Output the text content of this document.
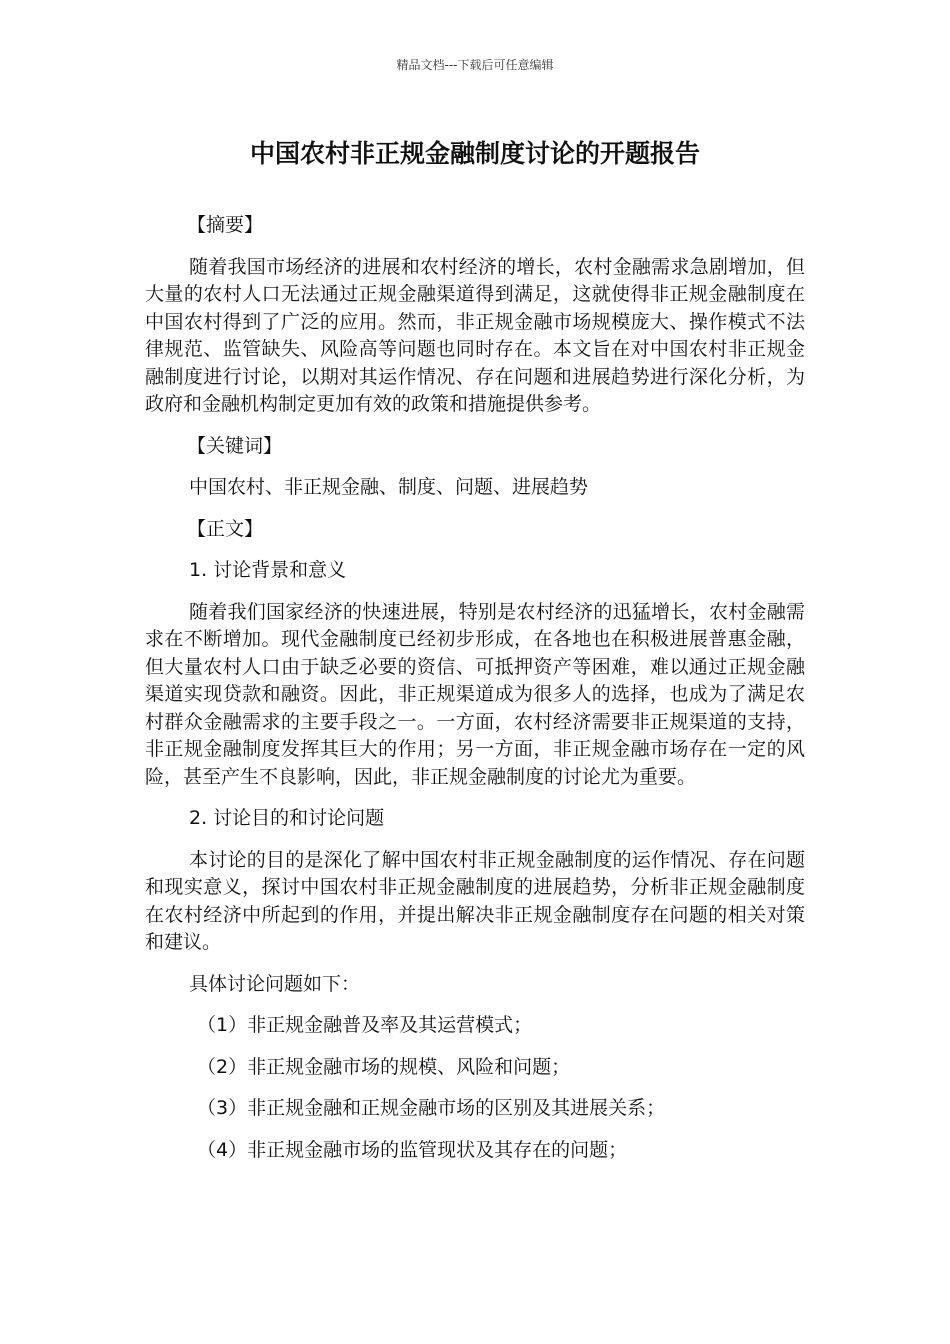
精品文档---下载后可任意编辑
中国农村非正规金融制度讨论的开题报告

【摘要】

随着我国市场经济的进展和农村经济的增长，农村金融需求急剧增加，但大量的农村人口无法通过正规金融渠道得到满足，这就使得非正规金融制度在中国农村得到了广泛的应用。然而，非正规金融市场规模庞大、操作模式不法律规范、监管缺失、风险高等问题也同时存在。本文旨在对中国农村非正规金融制度进行讨论，以期对其运作情况、存在问题和进展趋势进行深化分析，为政府和金融机构制定更加有效的政策和措施提供参考。

【关键词】

中国农村、非正规金融、制度、问题、进展趋势

【正文】

1. 讨论背景和意义

随着我们国家经济的快速进展，特别是农村经济的迅猛增长，农村金融需求在不断增加。现代金融制度已经初步形成，在各地也在积极进展普惠金融，但大量农村人口由于缺乏必要的资信、可抵押资产等困难，难以通过正规金融渠道实现贷款和融资。因此，非正规渠道成为很多人的选择，也成为了满足农村群众金融需求的主要手段之一。一方面，农村经济需要非正规渠道的支持，非正规金融制度发挥其巨大的作用；另一方面，非正规金融市场存在一定的风险，甚至产生不良影响，因此，非正规金融制度的讨论尤为重要。

2. 讨论目的和讨论问题

本讨论的目的是深化了解中国农村非正规金融制度的运作情况、存在问题和现实意义，探讨中国农村非正规金融制度的进展趋势，分析非正规金融制度在农村经济中所起到的作用，并提出解决非正规金融制度存在问题的相关对策和建议。

具体讨论问题如下：

（1）非正规金融普及率及其运营模式；

（2）非正规金融市场的规模、风险和问题；

（3）非正规金融和正规金融市场的区别及其进展关系；

（4）非正规金融市场的监管现状及其存在的问题；
